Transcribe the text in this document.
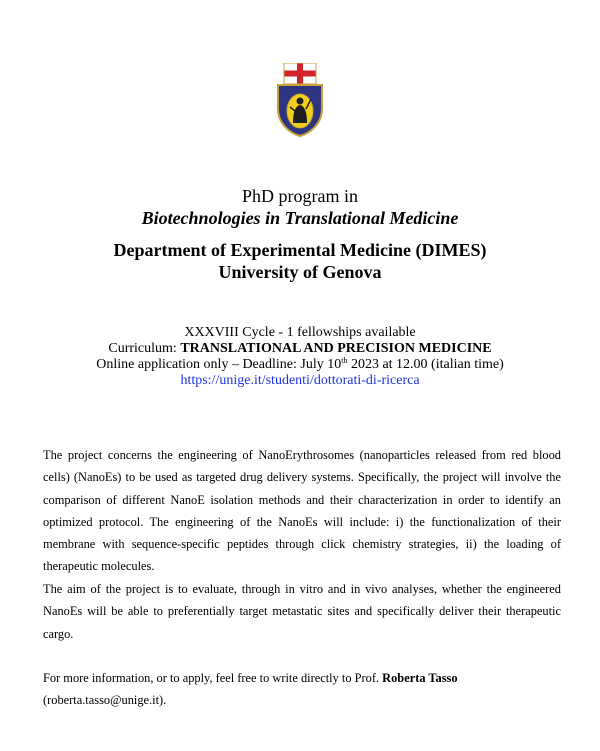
PhD program in
Biotechnologies in Translational Medicine
Department of Experimental Medicine (DIMES)
University of Genova
XXXVIII Cycle - 1 fellowships available
Curriculum: TRANSLATIONAL AND PRECISION MEDICINE
Online application only – Deadline: July 10th 2023 at 12.00 (italian time)
https://unige.it/studenti/dottorati-di-ricerca
The project concerns the engineering of NanoErythrosomes (nanoparticles released from red blood cells) (NanoEs) to be used as targeted drug delivery systems. Specifically, the project will involve the comparison of different NanoE isolation methods and their characterization in order to identify an optimized protocol. The engineering of the NanoEs will include: i) the functionalization of their membrane with sequence-specific peptides through click chemistry strategies, ii) the loading of therapeutic molecules.
The aim of the project is to evaluate, through in vitro and in vivo analyses, whether the engineered NanoEs will be able to preferentially target metastatic sites and specifically deliver their therapeutic cargo.
For more information, or to apply, feel free to write directly to Prof. Roberta Tasso
(roberta.tasso@unige.it).
